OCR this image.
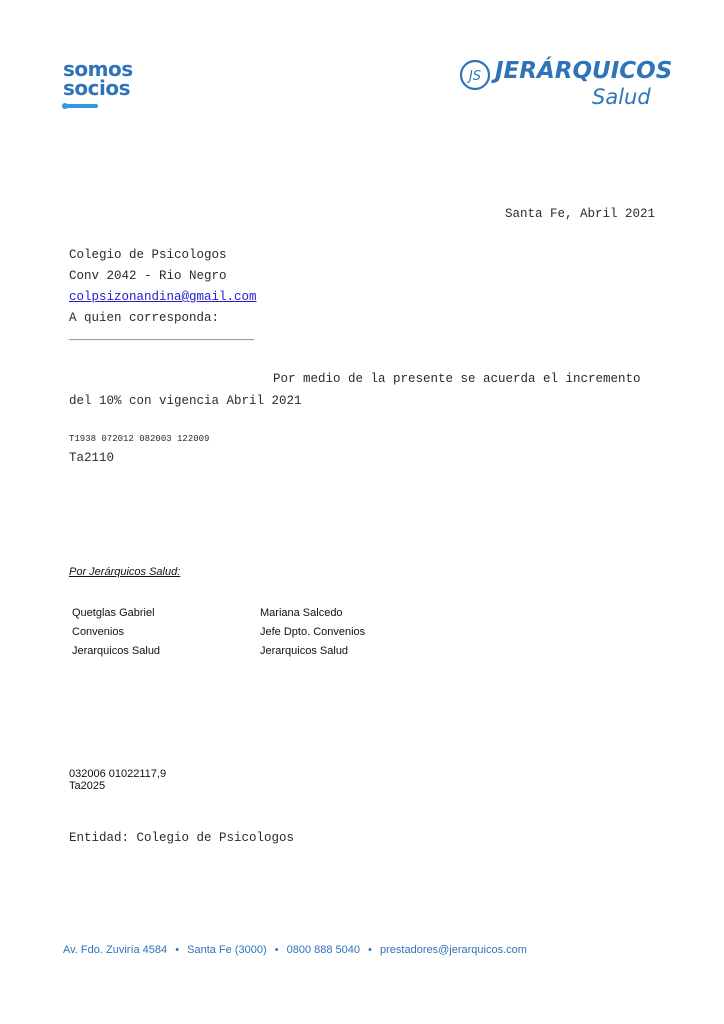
somos
socios	JS JERÁRQUICOS
Salud
Santa Fe, Abril 2021
Colegio de Psicologos
Conv 2042 - Rio Negro
colpsizonandina@gmail.com
A quien corresponda:
____________________________
Por medio de la presente se acuerda el incremento
del 10% con vigencia Abril 2021
T1938 072012 082003 122009
Ta2110
Por Jerárquicos Salud:
Quetglas Gabriel
Convenios
Jerarquicos Salud
Mariana Salcedo
Jefe Dpto. Convenios
Jerarquicos Salud
032006 01022117,9
Ta2025
Entidad: Colegio de Psicologos
Av. Fdo. Zuviría 4584 • Santa Fe (3000) • 0800 888 5040 • prestadores@jerarquicos.com
